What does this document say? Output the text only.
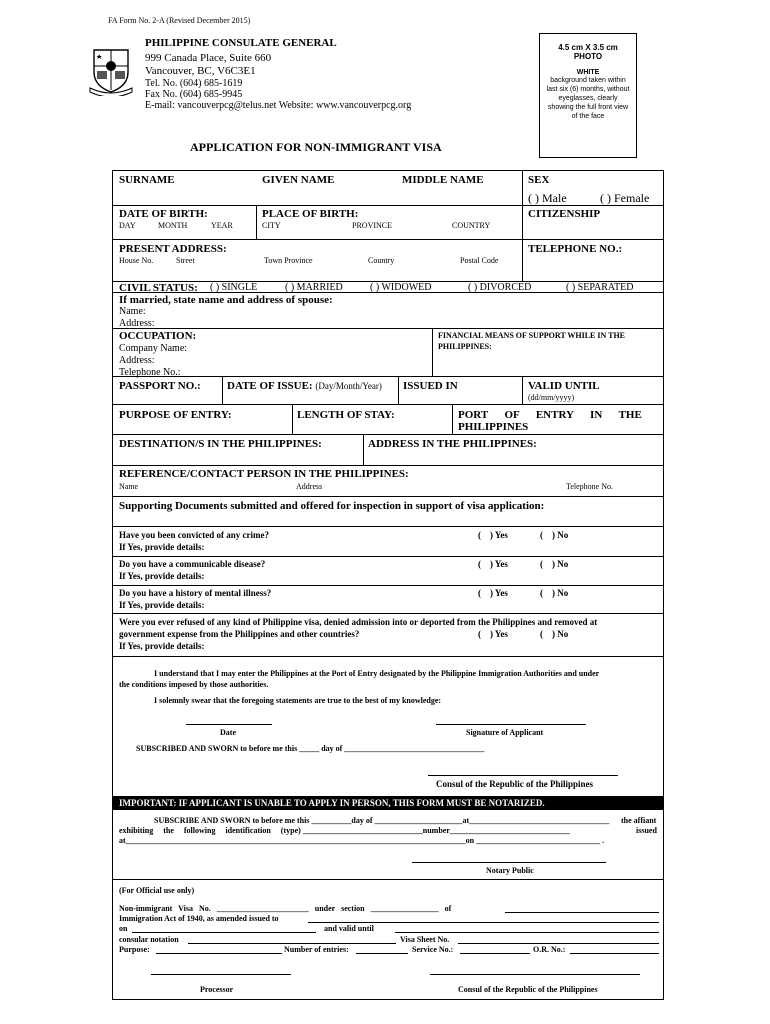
FA Form No. 2-A (Revised December 2015)
PHILIPPINE CONSULATE GENERAL
999 Canada Place, Suite 660
Vancouver, BC, V6C3E1
Tel. No. (604) 685-1619
Fax No. (604) 685-9945
E-mail: vancouverpcg@telus.net Website: www.vancouverpcg.org
4.5 cm X 3.5 cm
PHOTO
WHITE
background taken within last six (6) months, without eyeglasses, clearly showing the full front view of the face
APPLICATION FOR NON-IMMIGRANT VISA
SURNAME	GIVEN NAME	MIDDLE NAME	SEX
( ) Male	( ) Female
DATE OF BIRTH:
DAY	MONTH	YEAR
PLACE OF BIRTH:
CITY	PROVINCE	COUNTRY
CITIZENSHIP
PRESENT ADDRESS:
House No.	Street	Town Province	Country	Postal Code
TELEPHONE NO.:
CIVIL STATUS: ( ) SINGLE	( ) MARRIED	( ) WIDOWED	( ) DIVORCED	( ) SEPARATED
If married, state name and address of spouse:
Name:
Address:
OCCUPATION:
Company Name:
Address:
Telephone No.:
FINANCIAL MEANS OF SUPPORT WHILE IN THE PHILIPPINES:
PASSPORT NO.: DATE OF ISSUE: (Day/Month/Year) ISSUED IN	VALID UNTIL
(dd/mm/yyyy)
PURPOSE OF ENTRY:	LENGTH OF STAY:	PORT      OF      ENTRY      IN      THE
PHILIPPINES
DESTINATION/S IN THE PHILIPPINES:	ADDRESS IN THE PHILIPPINES:
REFERENCE/CONTACT PERSON IN THE PHILIPPINES:
Name	Address	Telephone No.
Supporting Documents submitted and offered for inspection in support of visa application:
Have you been convicted of any crime?
If Yes, provide details:
(    ) Yes	(    ) No
Do you have a communicable disease?
If Yes, provide details:
(    ) Yes	(    ) No
Do you have a history of mental illness?
If Yes, provide details:
(    ) Yes	(    ) No
Were you ever refused of any kind of Philippine visa, denied admission into or deported from the Philippines and removed at
government expense from the Philippines and other countries?
If Yes, provide details:
(    ) Yes	(    ) No
I understand that I may enter the Philippines at the Port of Entry designated by the Philippine Immigration Authorities and under
the conditions imposed by those authorities.
I solemnly swear that the foregoing statements are true to the best of my knowledge:
Date	Signature of Applicant
SUBSCRIBED AND SWORN to before me this _____ day of ___________________________________
Consul of the Republic of the Philippines
IMPORTANT: IF APPLICANT IS UNABLE TO APPLY IN PERSON, THIS FORM MUST BE NOTARIZED.
SUBSCRIBE AND SWORN to before me this __________day of ______________________at___________________________________ the affiant
exhibiting     the     following     identification     (type) ______________________________number______________________________	issued
at_____________________________________________________________________________________on _______________________________ .
Notary Public
(For Official use only)
Non-immigrant   Visa   No.   _______________________   under   section   _________________   of
Immigration Act of 1940, as amended issued to
on	and valid until
consular notation	Visa Sheet No.
Purpose:	Number of entries:	Service No.:	O.R. No.:
Processor	Consul of the Republic of the Philippines
